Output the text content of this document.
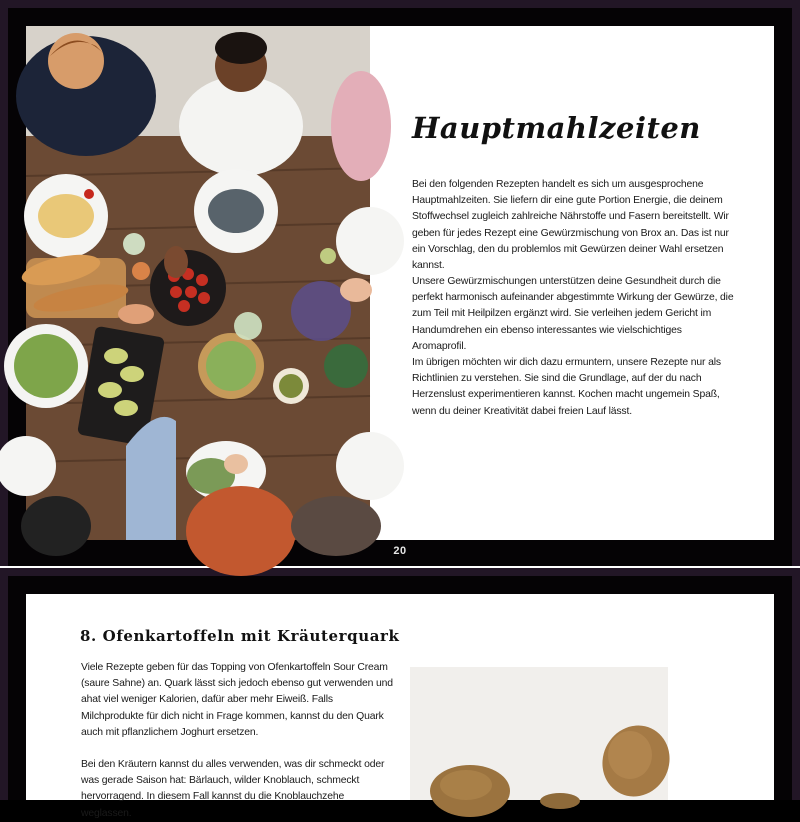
Hauptmahlzeiten

Bei den folgenden Rezepten handelt es sich um ausgesprochene Hauptmahlzeiten. Sie liefern dir eine gute Portion Energie, die deinem Stoffwechsel zugleich zahlreiche Nährstoffe und Fasern bereitstellt. Wir geben für jedes Rezept eine Gewürzmischung von Brox an. Das ist nur ein Vorschlag, den du problemlos mit Gewürzen deiner Wahl ersetzen kannst.

Unsere Gewürzmischungen unterstützen deine Gesundheit durch die perfekt harmonisch aufeinander abgestimmte Wirkung der Gewürze, die zum Teil mit Heilpilzen ergänzt wird. Sie verleihen jedem Gericht im Handumdrehen ein ebenso interessantes wie vielschichtiges Aromaprofil.

Im übrigen möchten wir dich dazu ermuntern, unsere Rezepte nur als Richtlinien zu verstehen. Sie sind die Grundlage, auf der du nach Herzenslust experimentieren kannst. Kochen macht ungemein Spaß, wenn du deiner Kreativität dabei freien Lauf lässt.

20
8. Ofenkartoffeln mit Kräuterquark

Viele Rezepte geben für das Topping von Ofenkartoffeln Sour Cream (saure Sahne) an. Quark lässt sich jedoch ebenso gut verwenden und ahat viel weniger Kalorien, dafür aber mehr Eiweiß. Falls Milchprodukte für dich nicht in Frage kommen, kannst du den Quark auch mit pflanzlichem Joghurt ersetzen.

Bei den Kräutern kannst du alles verwenden, was dir schmeckt oder was gerade Saison hat: Bärlauch, wilder Knoblauch, schmeckt hervorragend. In diesem Fall kannst du die Knoblauchzehe weglassen.
